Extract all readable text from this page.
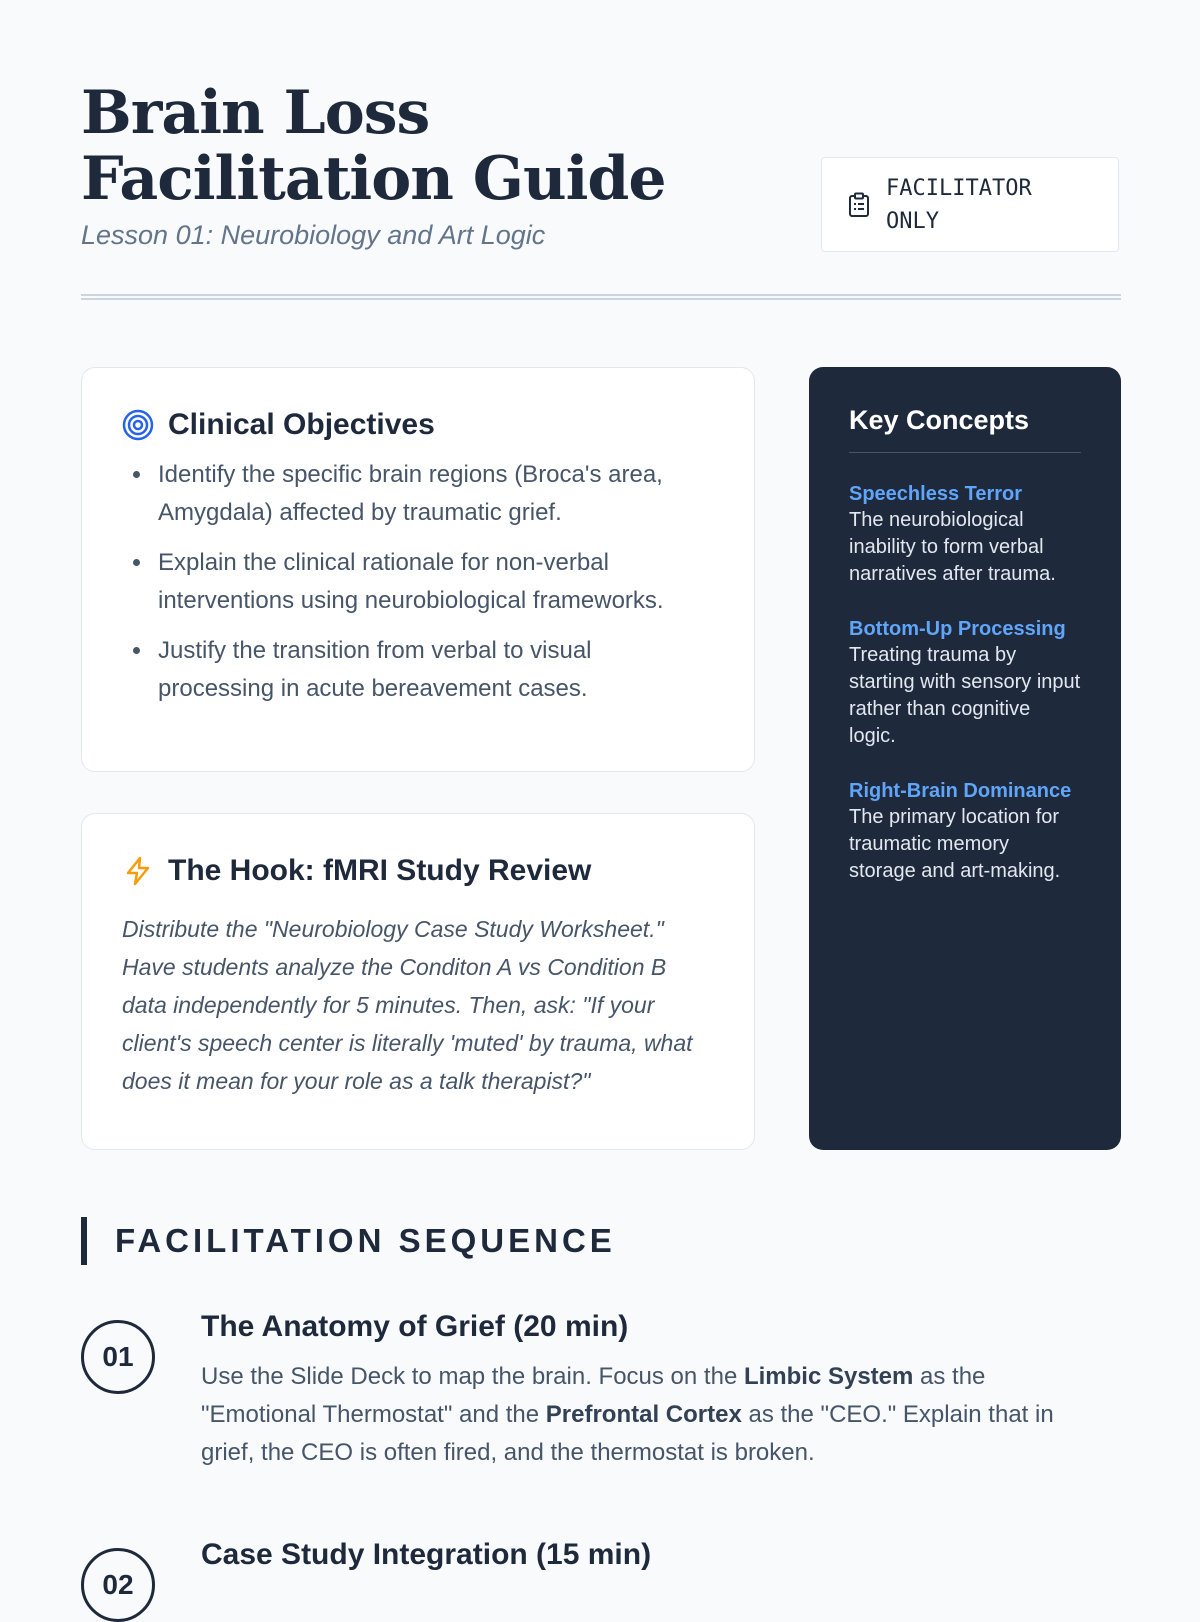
Brain Loss Facilitation Guide
Lesson 01: Neurobiology and Art Logic
FACILITATOR ONLY
Clinical Objectives
• Identify the specific brain regions (Broca's area, Amygdala) affected by traumatic grief.
• Explain the clinical rationale for non-verbal interventions using neurobiological frameworks.
• Justify the transition from verbal to visual processing in acute bereavement cases.
The Hook: fMRI Study Review
Distribute the "Neurobiology Case Study Worksheet." Have students analyze the Conditon A vs Condition B data independently for 5 minutes. Then, ask: "If your client's speech center is literally 'muted' by trauma, what does it mean for your role as a talk therapist?"
Key Concepts
Speechless Terror
The neurobiological inability to form verbal narratives after trauma.
Bottom-Up Processing
Treating trauma by starting with sensory input rather than cognitive logic.
Right-Brain Dominance
The primary location for traumatic memory storage and art-making.
FACILITATION SEQUENCE
01
The Anatomy of Grief (20 min)
Use the Slide Deck to map the brain. Focus on the Limbic System as the "Emotional Thermostat" and the Prefrontal Cortex as the "CEO." Explain that in grief, the CEO is often fired, and the thermostat is broken.
02
Case Study Integration (15 min)
